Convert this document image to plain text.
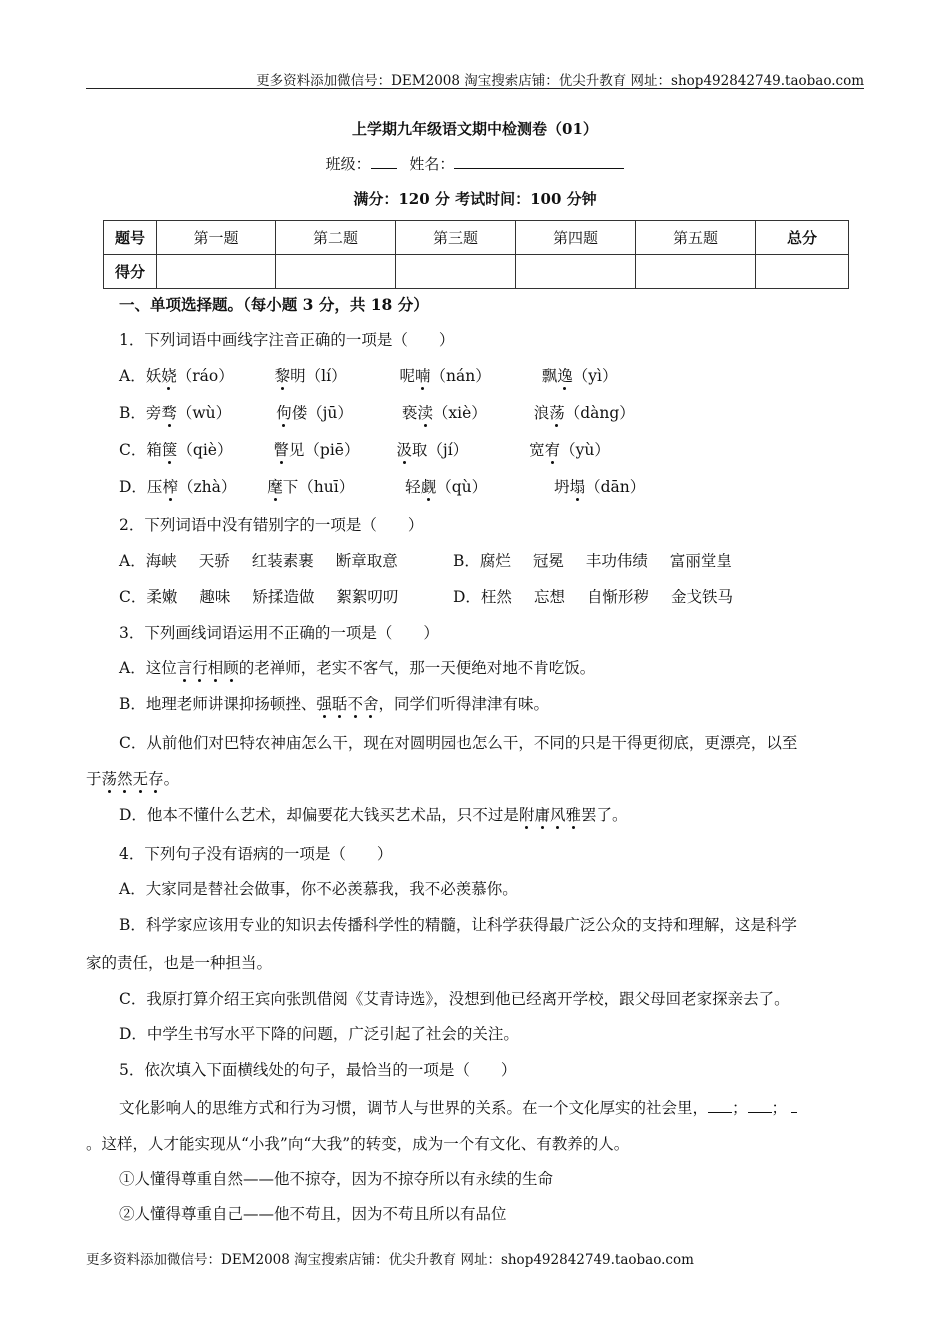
更多资料添加微信号：DEM2008 淘宝搜索店铺：优尖升教育 网址：shop492842749.taobao.com
上学期九年级语文期中检测卷（01）
班级：	姓名：
满分：120 分 考试时间：100 分钟
题号	第一题	第二题	第三题	第四题	第五题	总分
得分						
一、单项选择题。（每小题 3 分，共 18 分）
1．下列词语中画线字注音正确的一项是（　　）
A．妖娆（ráo）	黎明（lí）	呢喃（nán）	飘逸（yì）
B．旁骛（wù）	佝偻（jū）	亵渎（xiè）	浪荡（dàng）
C．箱箧（qiè）	瞥见（piē） 汲取（jí）	宽宥（yù）
D．压榨（zhà） 麾下（huī）	轻觑（qù）	坍塌（dān）
2．下列词语中没有错别字的一项是（　　）
A．海峡 天骄 红装素裹 断章取意	B．腐烂 冠冕 丰功伟绩 富丽堂皇
C．柔嫩 趣味 矫揉造做 絮絮叨叨	D．枉然 忘想 自惭形秽 金戈铁马
3．下列画线词语运用不正确的一项是（　　）
A．这位言行相顾的老禅师，老实不客气，那一天便绝对地不肯吃饭。
B．地理老师讲课抑扬顿挫、强聒不舍，同学们听得津津有味。
C．从前他们对巴特农神庙怎么干，现在对圆明园也怎么干，不同的只是干得更彻底，更漂亮，以至
于荡然无存。
D．他本不懂什么艺术，却偏要花大钱买艺术品，只不过是附庸风雅罢了。
4．下列句子没有语病的一项是（　　）
A．大家同是替社会做事，你不必羡慕我，我不必羡慕你。
B．科学家应该用专业的知识去传播科学性的精髓，让科学获得最广泛公众的支持和理解，这是科学
家的责任，也是一种担当。
C．我原打算介绍王宾向张凯借阅《艾青诗选》，没想到他已经离开学校，跟父母回老家探亲去了。
D．中学生书写水平下降的问题，广泛引起了社会的关注。
5．依次填入下面横线处的句子，最恰当的一项是（　　）
文化影响人的思维方式和行为习惯，调节人与世界的关系。在一个文化厚实的社会里， ； ；
。这样，人才能实现从“小我”向“大我”的转变，成为一个有文化、有教养的人。
①人懂得尊重自然——他不掠夺，因为不掠夺所以有永续的生命
②人懂得尊重自己——他不苟且，因为不苟且所以有品位
更多资料添加微信号：DEM2008 淘宝搜索店铺：优尖升教育 网址：shop492842749.taobao.com
